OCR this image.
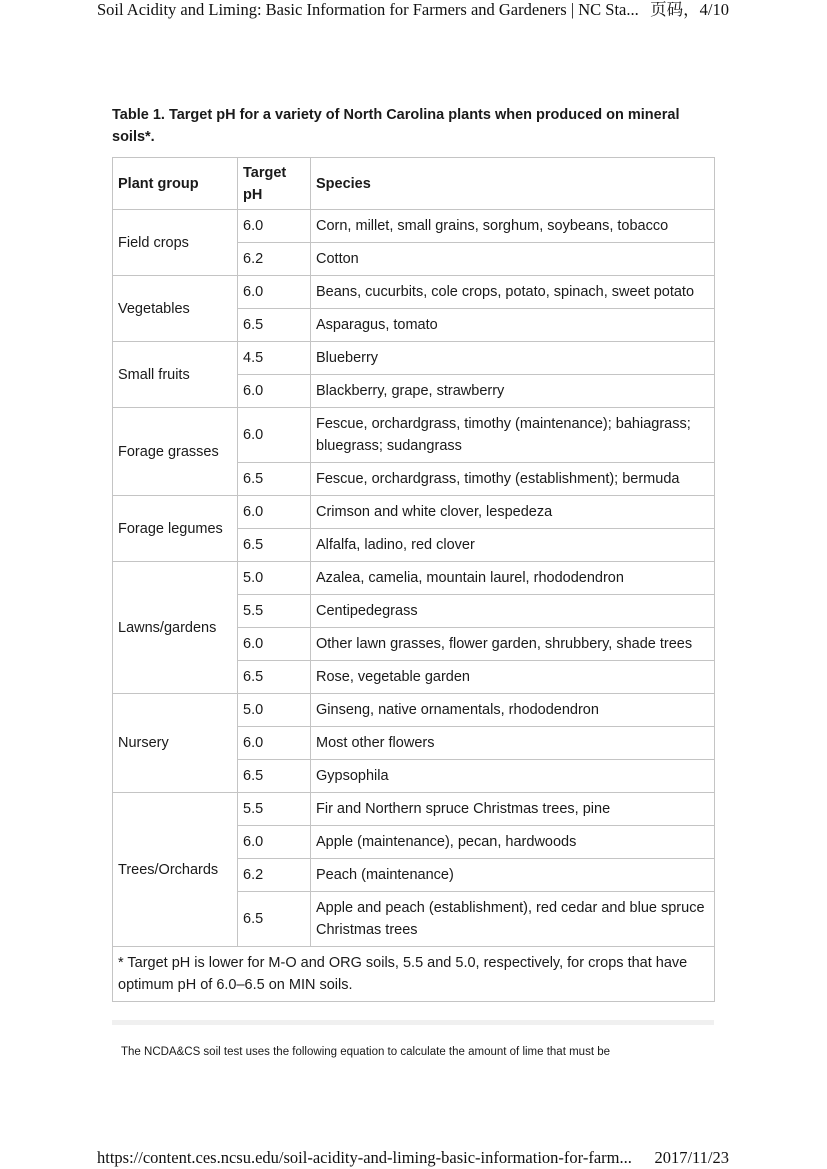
Soil Acidity and Liming: Basic Information for Farmers and Gardeners | NC Sta... 页码，4/10
Table 1. Target pH for a variety of North Carolina plants when produced on mineral soils*.
Plant group	Target pH	Species
Field crops	6.0	Corn, millet, small grains, sorghum, soybeans, tobacco
	6.2	Cotton
Vegetables	6.0	Beans, cucurbits, cole crops, potato, spinach, sweet potato
	6.5	Asparagus, tomato
Small fruits	4.5	Blueberry
	6.0	Blackberry, grape, strawberry
Forage grasses	6.0	Fescue, orchardgrass, timothy (maintenance); bahiagrass; bluegrass; sudangrass
	6.5	Fescue, orchardgrass, timothy (establishment); bermuda
Forage legumes	6.0	Crimson and white clover, lespedeza
	6.5	Alfalfa, ladino, red clover
Lawns/gardens	5.0	Azalea, camelia, mountain laurel, rhododendron
	5.5	Centipedegrass
	6.0	Other lawn grasses, flower garden, shrubbery, shade trees
	6.5	Rose, vegetable garden
Nursery	5.0	Ginseng, native ornamentals, rhododendron
	6.0	Most other flowers
	6.5	Gypsophila
Trees/Orchards	5.5	Fir and Northern spruce Christmas trees, pine
	6.0	Apple (maintenance), pecan, hardwoods
	6.2	Peach (maintenance)
	6.5	Apple and peach (establishment), red cedar and blue spruce Christmas trees
* Target pH is lower for M-O and ORG soils, 5.5 and 5.0, respectively, for crops that have optimum pH of 6.0–6.5 on MIN soils.		
The NCDA&CS soil test uses the following equation to calculate the amount of lime that must be
https://content.ces.ncsu.edu/soil-acidity-and-liming-basic-information-for-farm... 2017/11/23
